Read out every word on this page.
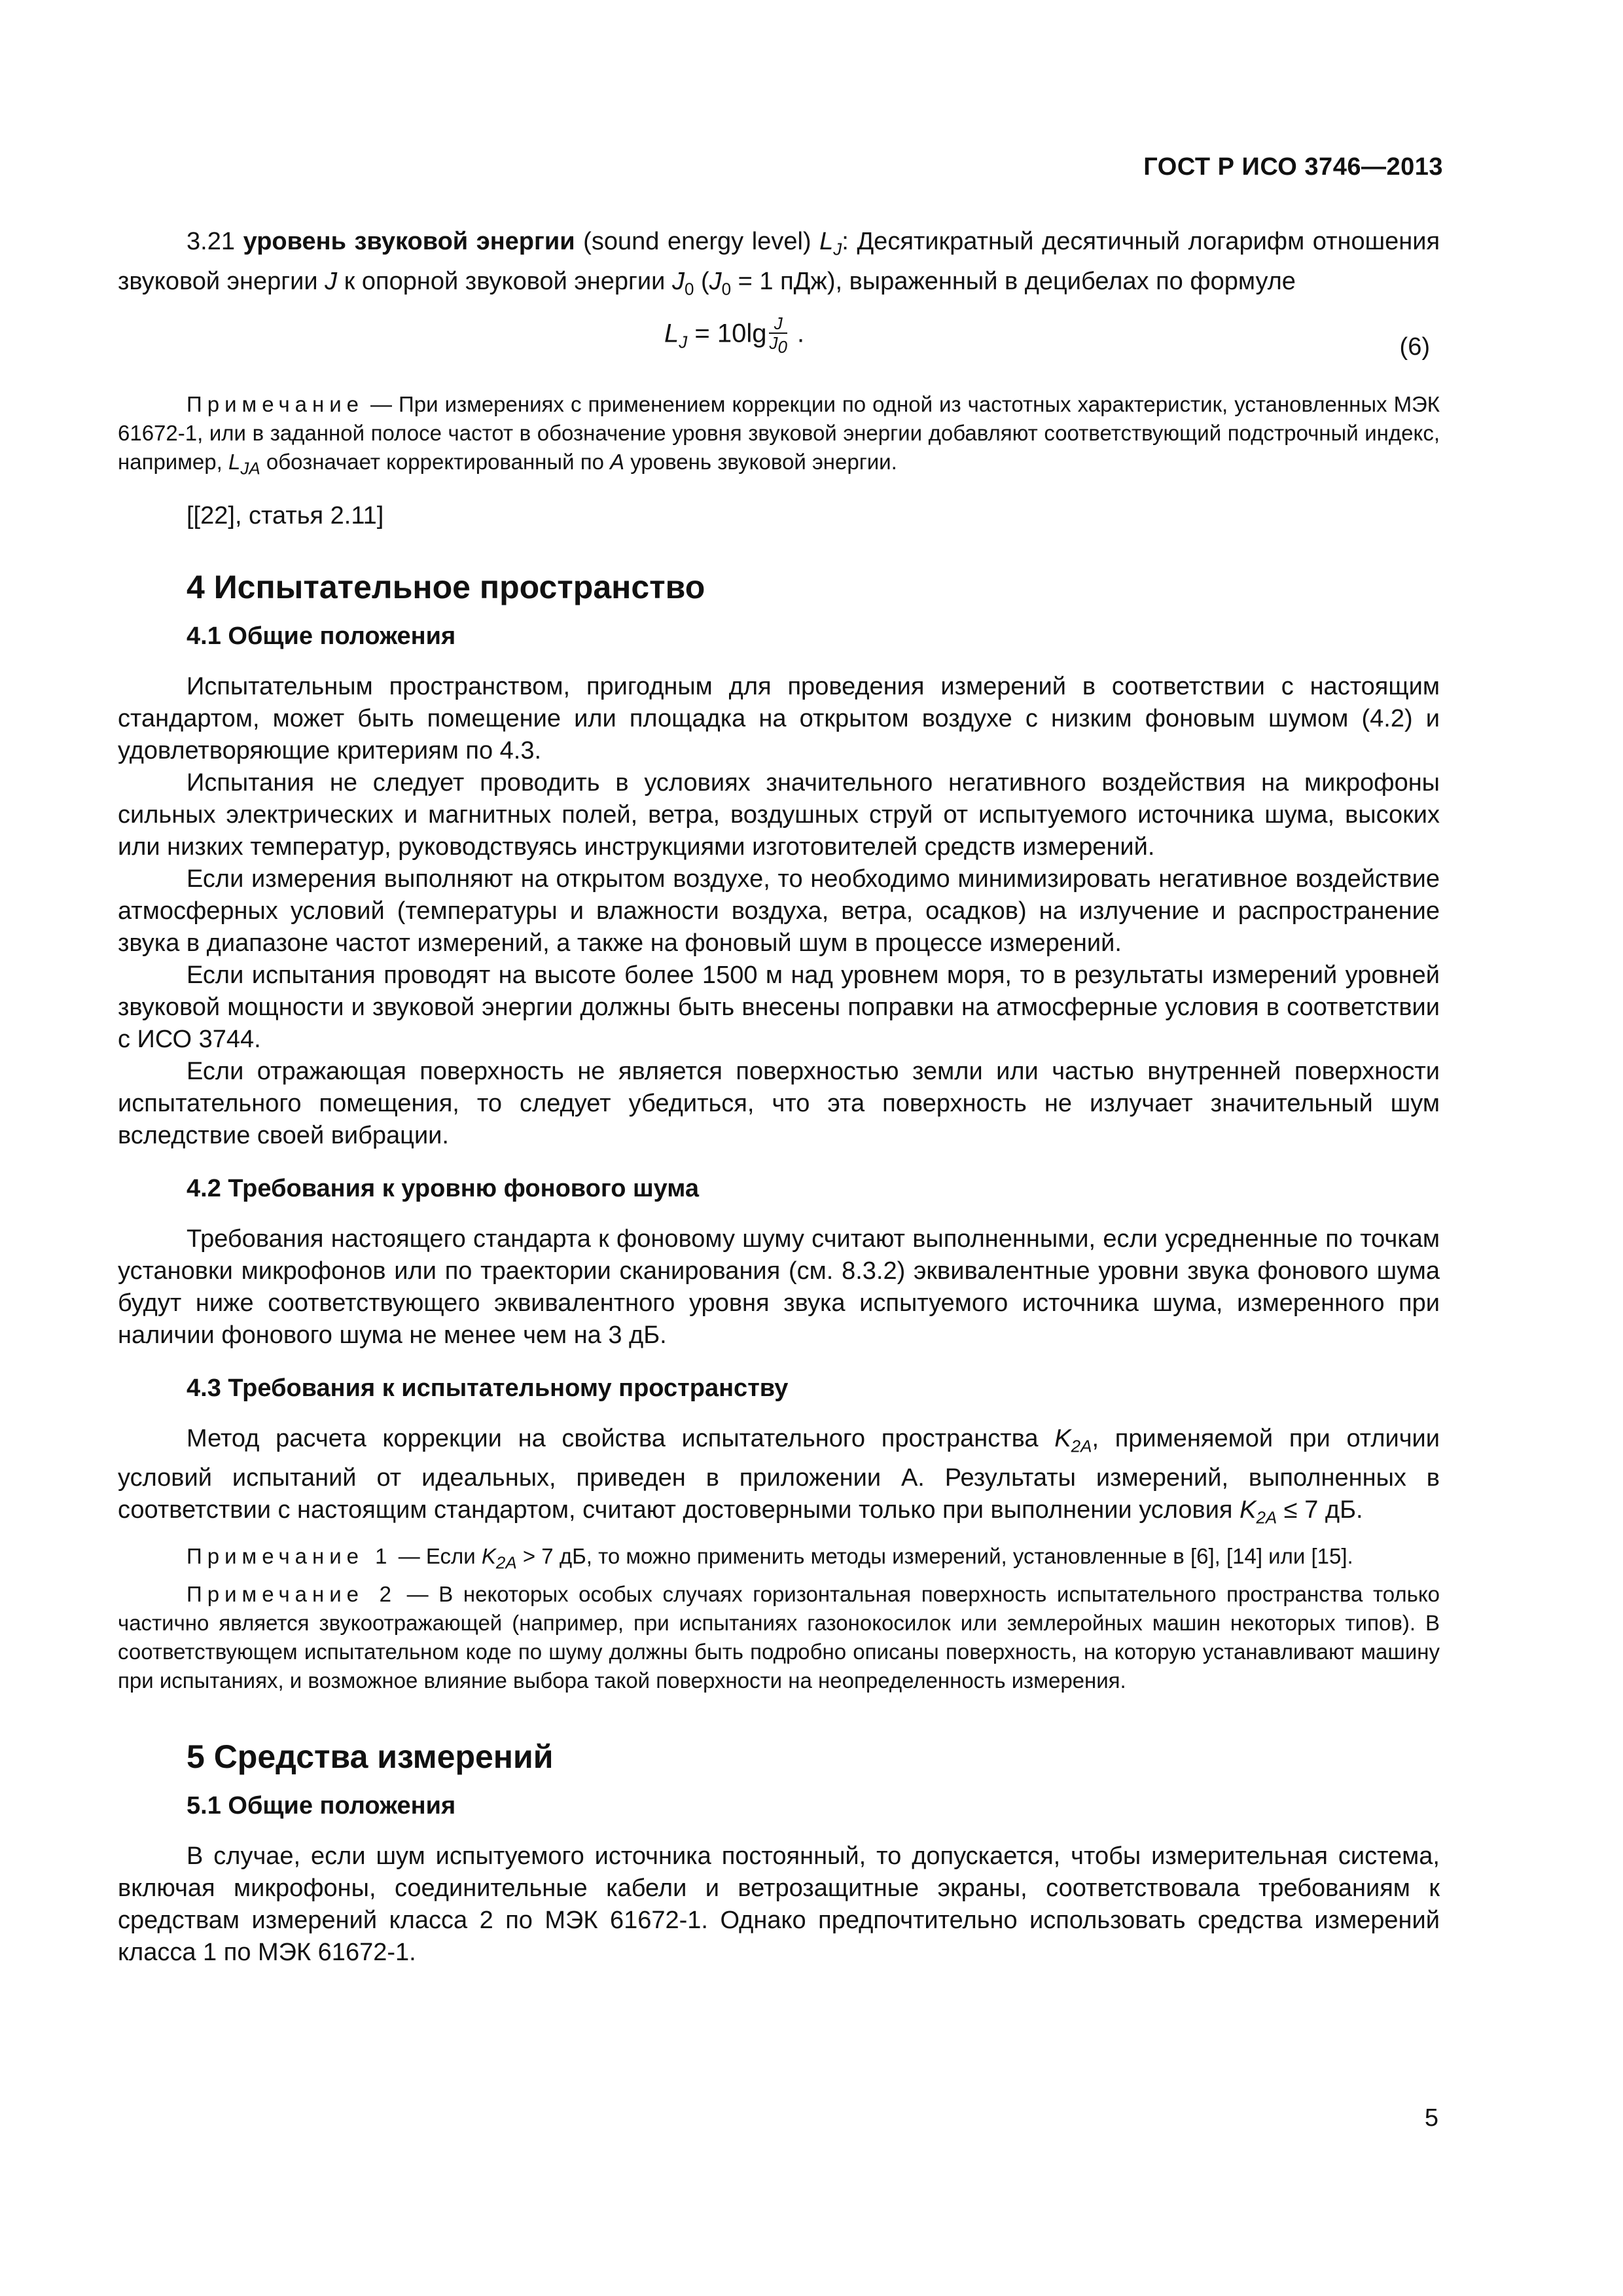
ГОСТ Р ИСО 3746—2013

3.21 уровень звуковой энергии (sound energy level) $L_J$: Десятикратный десятичный логарифм отношения звуковой энергии J к опорной звуковой энергии $J_0$ ($J_0 = 1$ пДж), выраженный в децибелах по формуле

$L_J = 10\lg \frac{J}{J_0}$ .	(6)

Примечание — При измерениях с применением коррекции по одной из частотных характеристик, установленных МЭК 61672-1, или в заданной полосе частот в обозначение уровня звуковой энергии добавляют соответствующий подстрочный индекс, например, $L_{JA}$ обозначает корректированный по А уровень звуковой энергии.

[[22], статья 2.11]

4 Испытательное пространство
4.1 Общие положения

Испытательным пространством, пригодным для проведения измерений в соответствии с настоящим стандартом, может быть помещение или площадка на открытом воздухе с низким фоновым шумом (4.2) и удовлетворяющие критериям по 4.3.

Испытания не следует проводить в условиях значительного негативного воздействия на микрофоны сильных электрических и магнитных полей, ветра, воздушных струй от испытуемого источника шума, высоких или низких температур, руководствуясь инструкциями изготовителей средств измерений.

Если измерения выполняют на открытом воздухе, то необходимо минимизировать негативное воздействие атмосферных условий (температуры и влажности воздуха, ветра, осадков) на излучение и распространение звука в диапазоне частот измерений, а также на фоновый шум в процессе измерений.

Если испытания проводят на высоте более 1500 м над уровнем моря, то в результаты измерений уровней звуковой мощности и звуковой энергии должны быть внесены поправки на атмосферные условия в соответствии с ИСО 3744.

Если отражающая поверхность не является поверхностью земли или частью внутренней поверхности испытательного помещения, то следует убедиться, что эта поверхность не излучает значительный шум вследствие своей вибрации.

4.2 Требования к уровню фонового шума

Требования настоящего стандарта к фоновому шуму считают выполненными, если усредненные по точкам установки микрофонов или по траектории сканирования (см. 8.3.2) эквивалентные уровни звука фонового шума будут ниже соответствующего эквивалентного уровня звука испытуемого источника шума, измеренного при наличии фонового шума не менее чем на 3 дБ.

4.3 Требования к испытательному пространству

Метод расчета коррекции на свойства испытательного пространства $K_{2A}$, применяемой при отличии условий испытаний от идеальных, приведен в приложении А. Результаты измерений, выполненных в соответствии с настоящим стандартом, считают достоверными только при выполнении условия $K_{2A} \le 7$ дБ.

Примечание 1 — Если $K_{2A} > 7$ дБ, то можно применить методы измерений, установленные в [6], [14] или [15].

Примечание 2 — В некоторых особых случаях горизонтальная поверхность испытательного пространства только частично является звукоотражающей (например, при испытаниях газонокосилок или землеройных машин некоторых типов). В соответствующем испытательном коде по шуму должны быть подробно описаны поверхность, на которую устанавливают машину при испытаниях, и возможное влияние выбора такой поверхности на неопределенность измерения.

5 Средства измерений
5.1 Общие положения

В случае, если шум испытуемого источника постоянный, то допускается, чтобы измерительная система, включая микрофоны, соединительные кабели и ветрозащитные экраны, соответствовала требованиям к средствам измерений класса 2 по МЭК 61672-1. Однако предпочтительно использовать средства измерений класса 1 по МЭК 61672-1.

5
